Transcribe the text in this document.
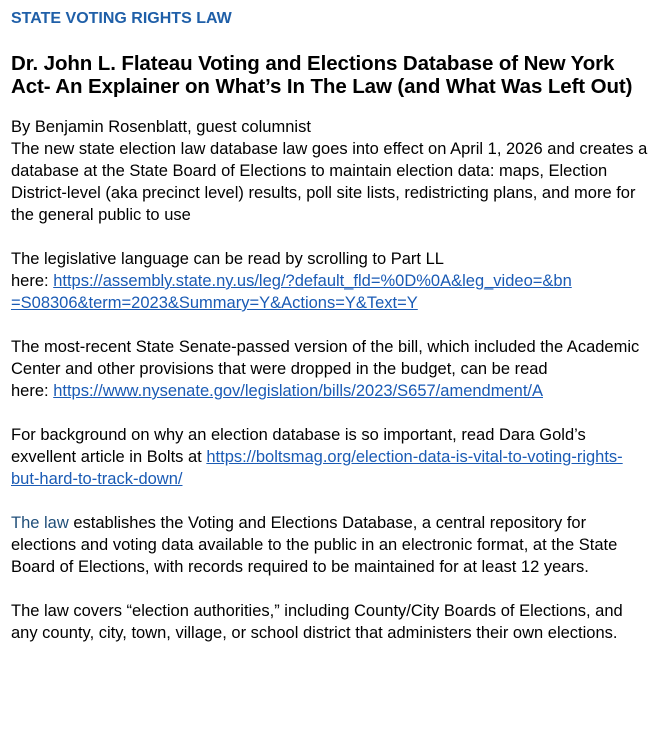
STATE VOTING RIGHTS LAW

Dr. John L. Flateau Voting and Elections Database of New York Act- An Explainer on What’s In The Law (and What Was Left Out)
By Benjamin Rosenblatt, guest columnist

The new state election law database law goes into effect on April 1, 2026 and creates a database at the State Board of Elections to maintain election data: maps, Election District-level (aka precinct level) results, poll site lists, redistricting plans, and more for the general public to use

The legislative language can be read by scrolling to Part LL
here: https://assembly.state.ny.us/leg/?default_fld=%0D%0A&leg_video=&bn
=S08306&term=2023&Summary=Y&Actions=Y&Text=Y

The most-recent State Senate-passed version of the bill, which included the Academic Center and other provisions that were dropped in the budget, can be read
here: https://www.nysenate.gov/legislation/bills/2023/S657/amendment/A

For background on why an election database is so important, read Dara Gold’s exvellent article in Bolts at https://boltsmag.org/election-data-is-vital-to-voting-rights-but-hard-to-track-down/

The law establishes the Voting and Elections Database, a central repository for elections and voting data available to the public in an electronic format, at the State Board of Elections, with records required to be maintained for at least 12 years.

The law covers “election authorities,” including County/City Boards of Elections, and any county, city, town, village, or school district that administers their own elections.
